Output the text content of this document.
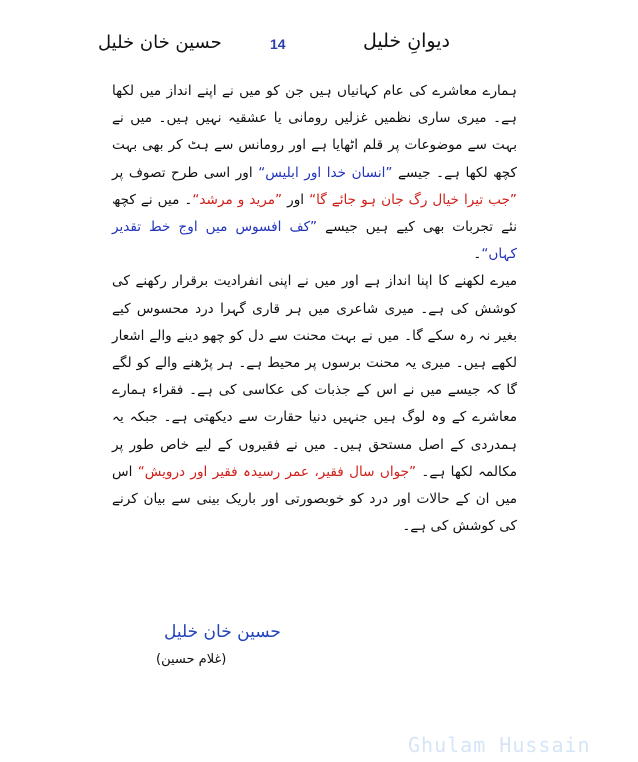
دیوانِ خلیل
14
حسین خان خلیل

ہمارے معاشرے کی عام کہانیاں ہیں جن کو میں نے اپنے انداز میں لکھا ہے۔ میری ساری نظمیں غزلیں رومانی یا عشقیہ نہیں ہیں۔ میں نے بہت سے موضوعات پر قلم اٹھایا ہے اور رومانس سے ہٹ کر بھی بہت کچھ لکھا ہے۔ جیسے ”انسان خدا اور ابلیس“ اور اسی طرح تصوف پر ”جب تیرا خیال رگ جان ہو جائے گا“ اور ”مرید و مرشد“۔ میں نے کچھ نئے تجربات بھی کیے ہیں جیسے ”کف افسوس میں اوج خط تقدیر کہاں“۔

میرے لکھنے کا اپنا انداز ہے اور میں نے اپنی انفرادیت برقرار رکھنے کی کوشش کی ہے۔ میری شاعری میں ہر قاری گہرا درد محسوس کیے بغیر نہ رہ سکے گا۔ میں نے بہت محنت سے دل کو چھو دینے والے اشعار لکھے ہیں۔ میری یہ محنت برسوں پر محیط ہے۔ ہر پڑھنے والے کو لگے گا کہ جیسے میں نے اس کے جذبات کی عکاسی کی ہے۔ فقراء ہمارے معاشرے کے وہ لوگ ہیں جنہیں دنیا حقارت سے دیکھتی ہے۔ جبکہ یہ ہمدردی کے اصل مستحق ہیں۔ میں نے فقیروں کے لیے خاص طور پر مکالمہ لکھا ہے۔ ”جواں سال فقیر، عمر رسیدہ فقیر اور درویش“ اس میں ان کے حالات اور درد کو خوبصورتی اور باریک بینی سے بیان کرنے کی کوشش کی ہے۔

حسین خان خلیل
(غلام حسین)
Ghulam Hussain
